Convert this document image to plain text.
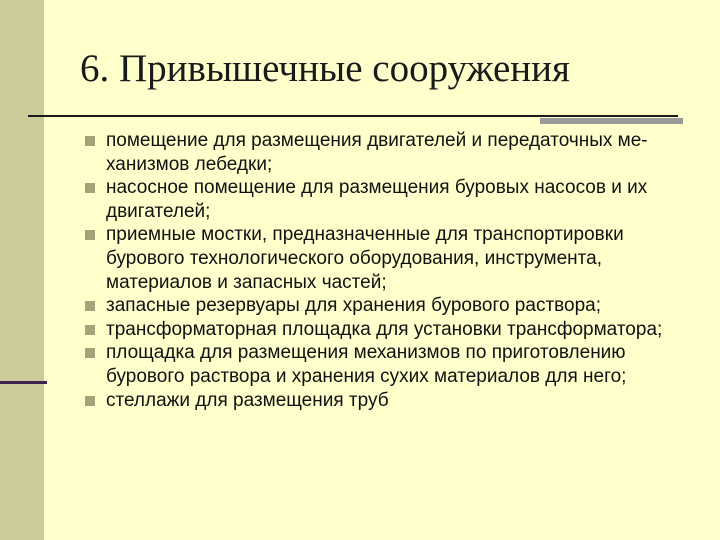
6. Привышечные сооружения
помещение для размещения двигателей и передаточных ме-ханизмов лебедки;
насосное помещение для размещения буровых насосов и их двигателей;
приемные мостки, предназначенные для транспортировки бурового технологического оборудования, инструмента, материалов и запасных частей;
запасные резервуары для хранения бурового раствора;
трансформаторная площадка для установки трансформатора;
площадка для размещения механизмов по приготовлению бурового раствора и хранения сухих материалов для него;
стеллажи для размещения труб
